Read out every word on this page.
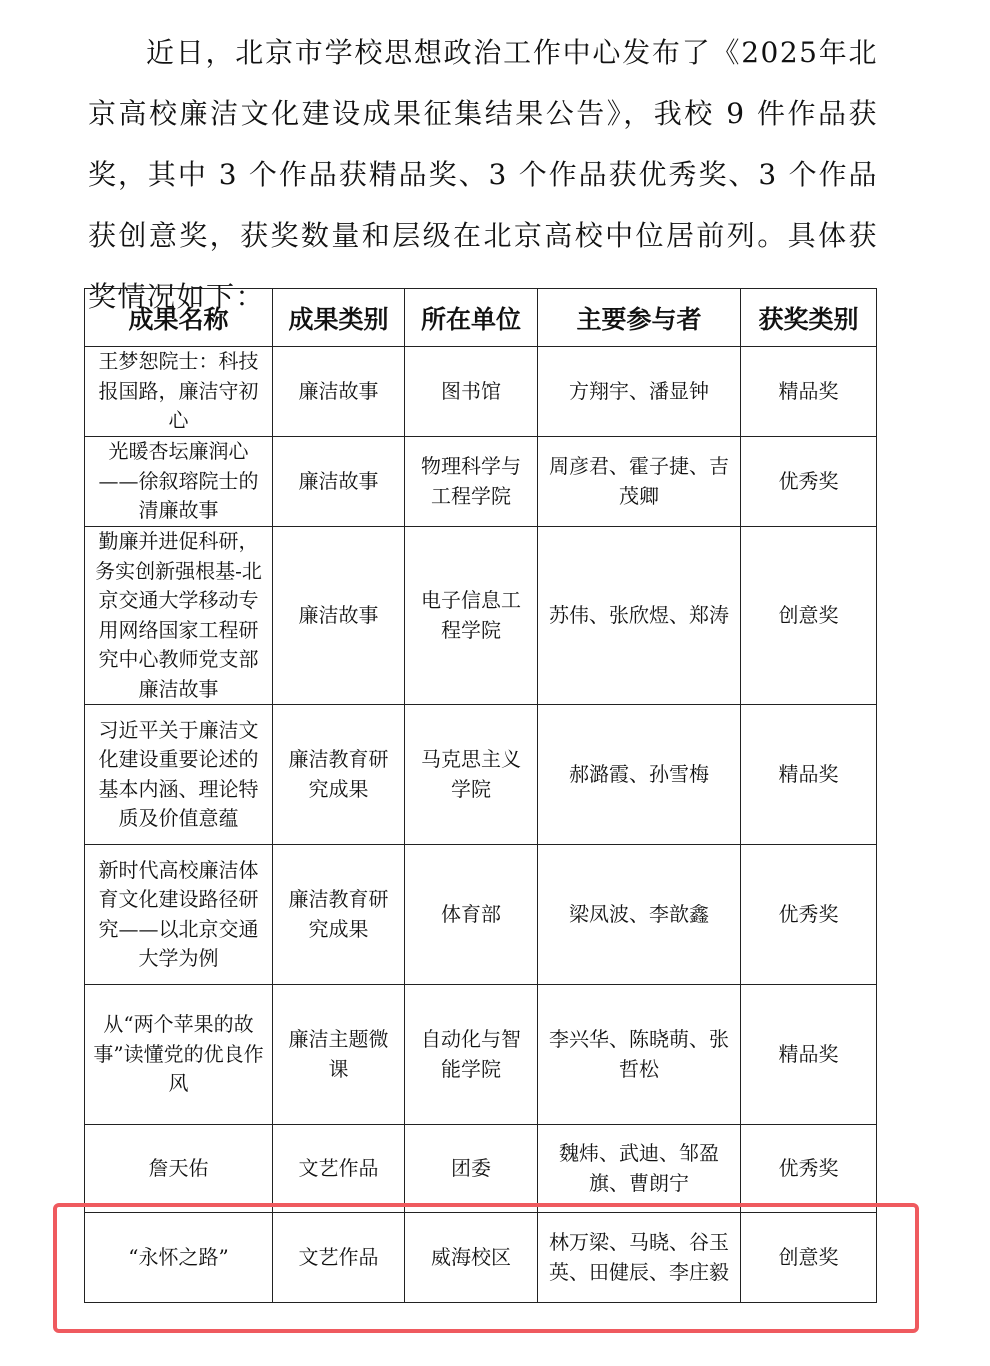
近日，北京市学校思想政治工作中心发布了《2025年北京高校廉洁文化建设成果征集结果公告》，我校 9 件作品获奖，其中 3 个作品获精品奖、3 个作品获优秀奖、3 个作品获创意奖，获奖数量和层级在北京高校中位居前列。具体获奖情况如下：

成果名称	成果类别	所在单位	主要参与者	获奖类别
王梦恕院士：科技报国路，廉洁守初心	廉洁故事	图书馆	方翔宇、潘显钟	精品奖
光暖杏坛廉润心——徐叙瑢院士的清廉故事	廉洁故事	物理科学与工程学院	周彦君、霍子捷、吉茂卿	优秀奖
勤廉并进促科研，务实创新强根基-北京交通大学移动专用网络国家工程研究中心教师党支部廉洁故事	廉洁故事	电子信息工程学院	苏伟、张欣煜、郑涛	创意奖
习近平关于廉洁文化建设重要论述的基本内涵、理论特质及价值意蕴	廉洁教育研究成果	马克思主义学院	郝潞霞、孙雪梅	精品奖
新时代高校廉洁体育文化建设路径研究——以北京交通大学为例	廉洁教育研究成果	体育部	梁凤波、李歆鑫	优秀奖
从“两个苹果的故事”读懂党的优良作风	廉洁主题微课	自动化与智能学院	李兴华、陈晓萌、张哲松	精品奖
詹天佑	文艺作品	团委	魏炜、武迪、邹盈旗、曹朗宁	优秀奖
“永怀之路”	文艺作品	威海校区	林万梁、马晓、谷玉英、田健辰、李庄毅	创意奖
